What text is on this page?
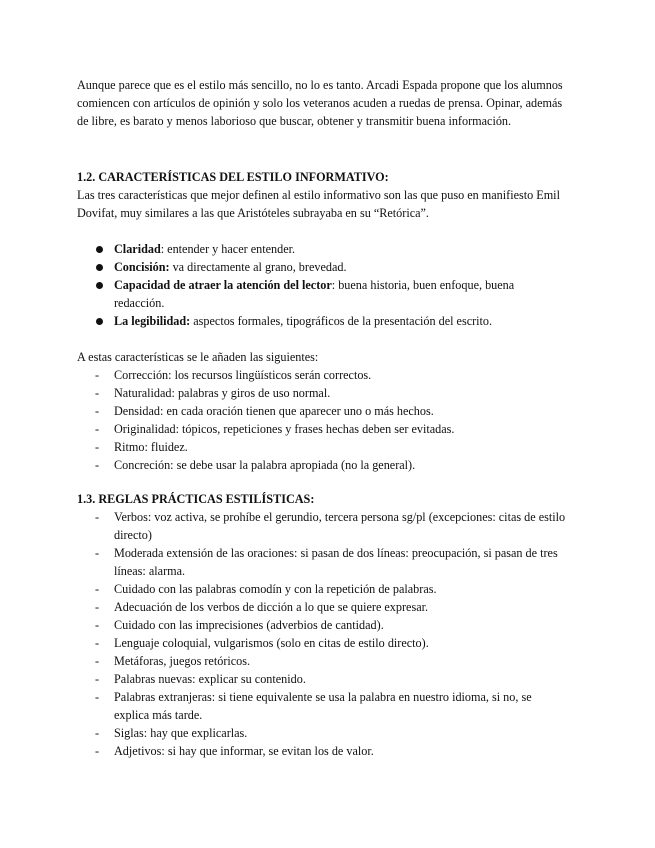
Aunque parece que es el estilo más sencillo, no lo es tanto. Arcadi Espada propone que los alumnos comiencen con artículos de opinión y solo los veteranos acuden a ruedas de prensa. Opinar, además de libre, es barato y menos laborioso que buscar, obtener y transmitir buena información.

1.2. CARACTERÍSTICAS DEL ESTILO INFORMATIVO:

Las tres características que mejor definen al estilo informativo son las que puso en manifiesto Emil Dovifat, muy similares a las que Aristóteles subrayaba en su “Retórica”.

Claridad: entender y hacer entender.
Concisión: va directamente al grano, brevedad.
Capacidad de atraer la atención del lector: buena historia, buen enfoque, buena redacción.
La legibilidad: aspectos formales, tipográficos de la presentación del escrito.

A estas características se le añaden las siguientes:

- Corrección: los recursos lingüísticos serán correctos.
- Naturalidad: palabras y giros de uso normal.
- Densidad: en cada oración tienen que aparecer uno o más hechos.
- Originalidad: tópicos, repeticiones y frases hechas deben ser evitadas.
- Ritmo: fluidez.
- Concreción: se debe usar la palabra apropiada (no la general).
1.3. REGLAS PRÁCTICAS ESTILÍSTICAS:
- Verbos: voz activa, se prohíbe el gerundio, tercera persona sg/pl (excepciones: citas de estilo directo)
- Moderada extensión de las oraciones: si pasan de dos líneas: preocupación, si pasan de tres líneas: alarma.
- Cuidado con las palabras comodín y con la repetición de palabras.
- Adecuación de los verbos de dicción a lo que se quiere expresar.
- Cuidado con las imprecisiones (adverbios de cantidad).
- Lenguaje coloquial, vulgarismos (solo en citas de estilo directo).
- Metáforas, juegos retóricos.
- Palabras nuevas: explicar su contenido.
- Palabras extranjeras: si tiene equivalente se usa la palabra en nuestro idioma, si no, se explica más tarde.
- Siglas: hay que explicarlas.
- Adjetivos: si hay que informar, se evitan los de valor.
